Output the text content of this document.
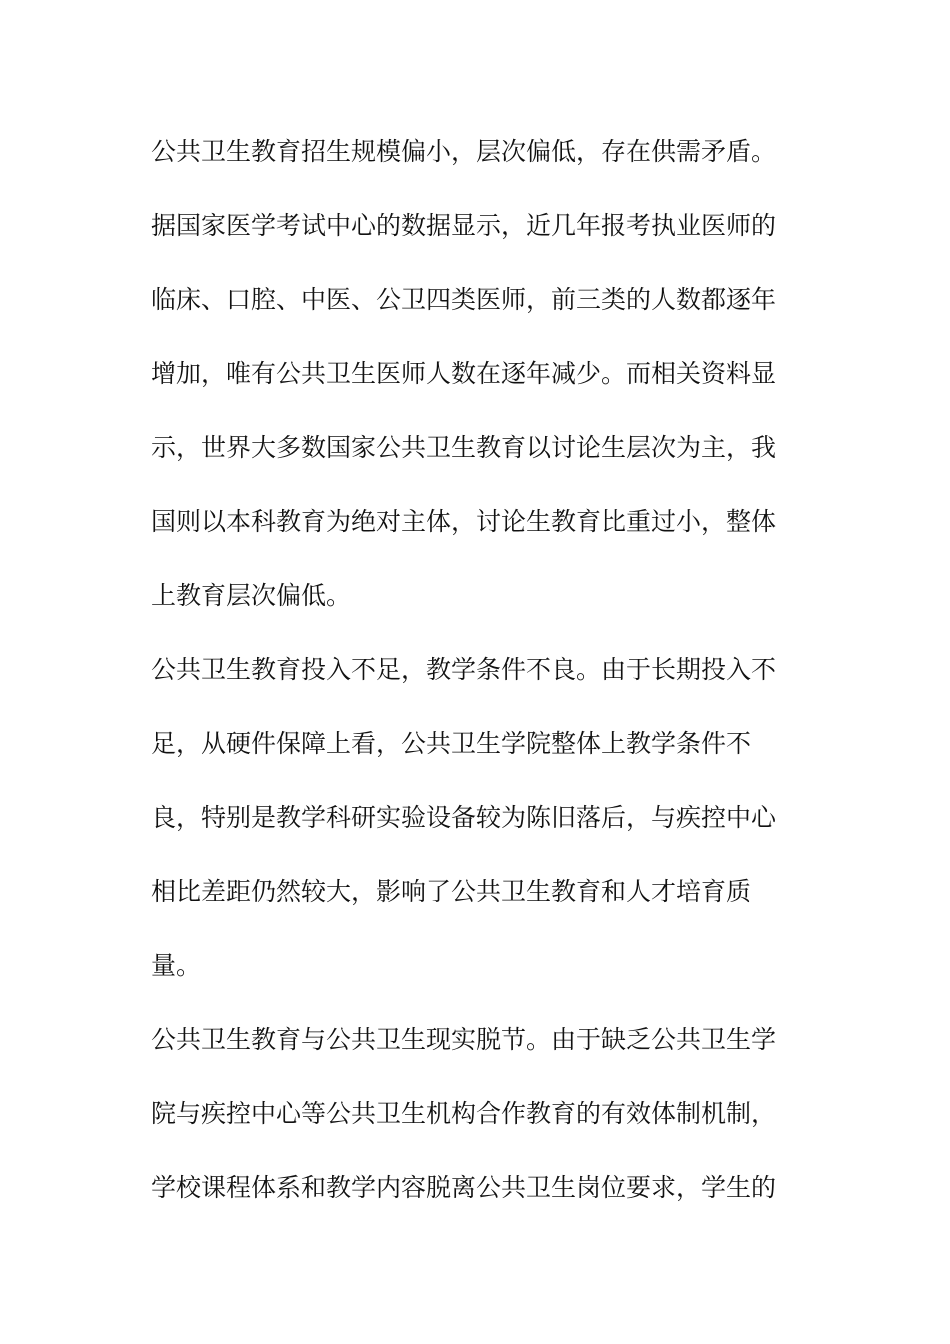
公共卫生教育招生规模偏小，层次偏低，存在供需矛盾。
据国家医学考试中心的数据显示，近几年报考执业医师的
临床、口腔、中医、公卫四类医师，前三类的人数都逐年
增加，唯有公共卫生医师人数在逐年减少。而相关资料显
示，世界大多数国家公共卫生教育以讨论生层次为主，我
国则以本科教育为绝对主体，讨论生教育比重过小，整体
上教育层次偏低。
公共卫生教育投入不足，教学条件不良。由于长期投入不
足，从硬件保障上看，公共卫生学院整体上教学条件不
良，特别是教学科研实验设备较为陈旧落后，与疾控中心
相比差距仍然较大，影响了公共卫生教育和人才培育质
量。
公共卫生教育与公共卫生现实脱节。由于缺乏公共卫生学
院与疾控中心等公共卫生机构合作教育的有效体制机制，
学校课程体系和教学内容脱离公共卫生岗位要求，学生的
